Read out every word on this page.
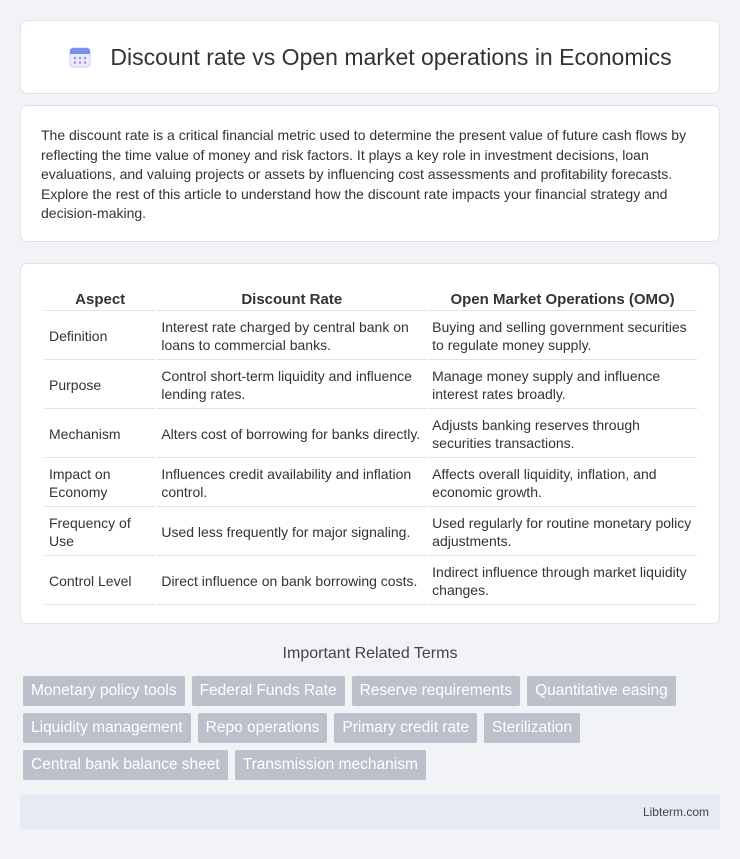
Discount rate vs Open market operations in Economics

The discount rate is a critical financial metric used to determine the present value of future cash flows by reflecting the time value of money and risk factors. It plays a key role in investment decisions, loan evaluations, and valuing projects or assets by influencing cost assessments and profitability forecasts. Explore the rest of this article to understand how the discount rate impacts your financial strategy and decision-making.

Aspect	Discount Rate	Open Market Operations (OMO)
Definition	Interest rate charged by central bank on loans to commercial banks.	Buying and selling government securities to regulate money supply.
Purpose	Control short-term liquidity and influence lending rates.	Manage money supply and influence interest rates broadly.
Mechanism	Alters cost of borrowing for banks directly.	Adjusts banking reserves through securities transactions.
Impact on Economy	Influences credit availability and inflation control.	Affects overall liquidity, inflation, and economic growth.
Frequency of Use	Used less frequently for major signaling.	Used regularly for routine monetary policy adjustments.
Control Level	Direct influence on bank borrowing costs.	Indirect influence through market liquidity changes.
Important Related Terms
Monetary policy tools	Federal Funds Rate	Reserve requirements	Quantitative easing
Liquidity management	Repo operations	Primary credit rate	Sterilization
Central bank balance sheet	Transmission mechanism
Libterm.com
